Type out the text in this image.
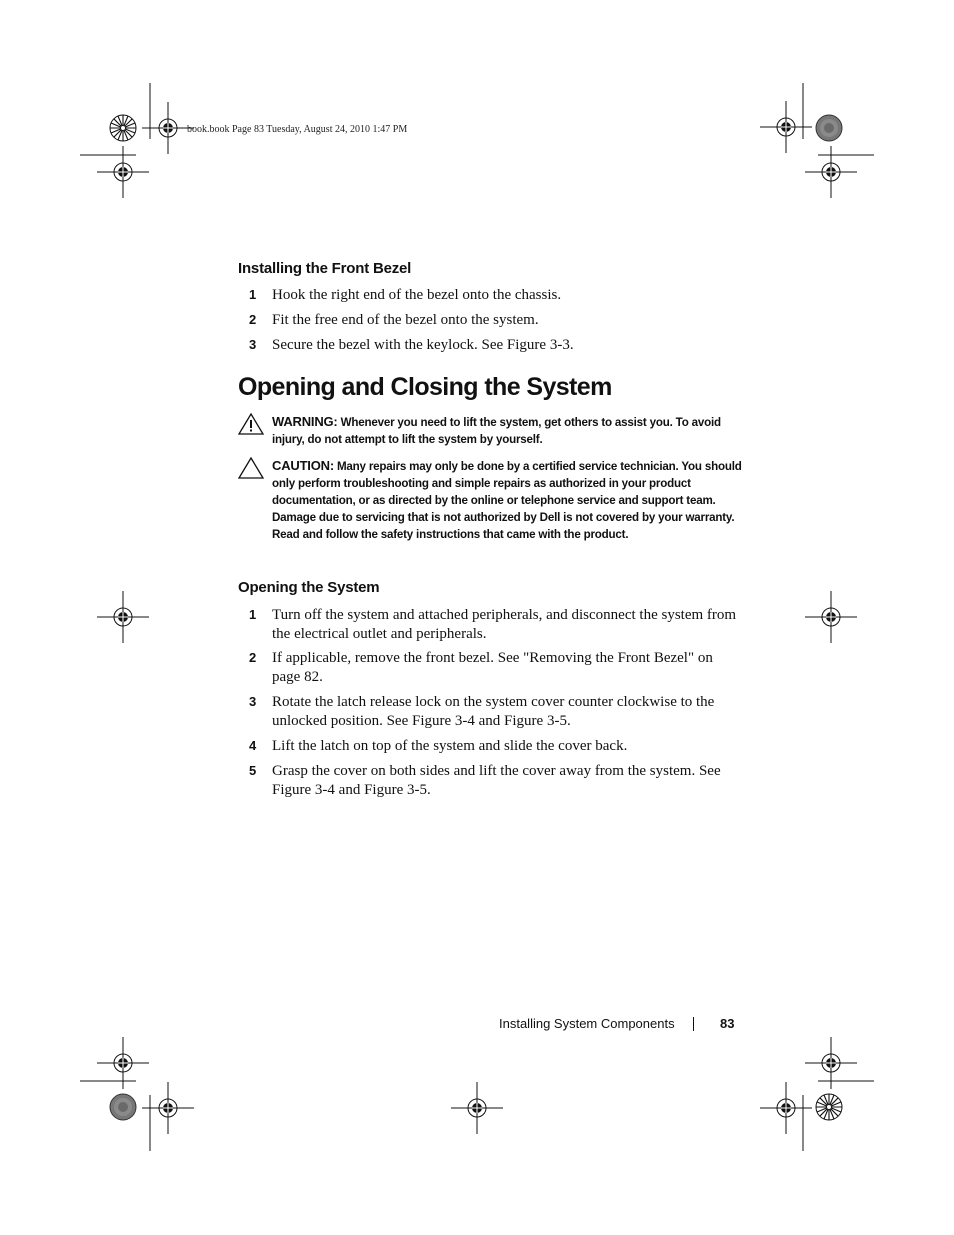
book.book Page 83 Tuesday, August 24, 2010 1:47 PM
Installing the Front Bezel
1 Hook the right end of the bezel onto the chassis.
2 Fit the free end of the bezel onto the system.
3 Secure the bezel with the keylock. See Figure 3-3.
Opening and Closing the System
WARNING: Whenever you need to lift the system, get others to assist you. To avoid injury, do not attempt to lift the system by yourself.
CAUTION: Many repairs may only be done by a certified service technician. You should only perform troubleshooting and simple repairs as authorized in your product documentation, or as directed by the online or telephone service and support team. Damage due to servicing that is not authorized by Dell is not covered by your warranty. Read and follow the safety instructions that came with the product.
Opening the System
1 Turn off the system and attached peripherals, and disconnect the system from the electrical outlet and peripherals.
2 If applicable, remove the front bezel. See "Removing the Front Bezel" on page 82.
3 Rotate the latch release lock on the system cover counter clockwise to the unlocked position. See Figure 3-4 and Figure 3-5.
4 Lift the latch on top of the system and slide the cover back.
5 Grasp the cover on both sides and lift the cover away from the system. See Figure 3-4 and Figure 3-5.
Installing System Components	83
